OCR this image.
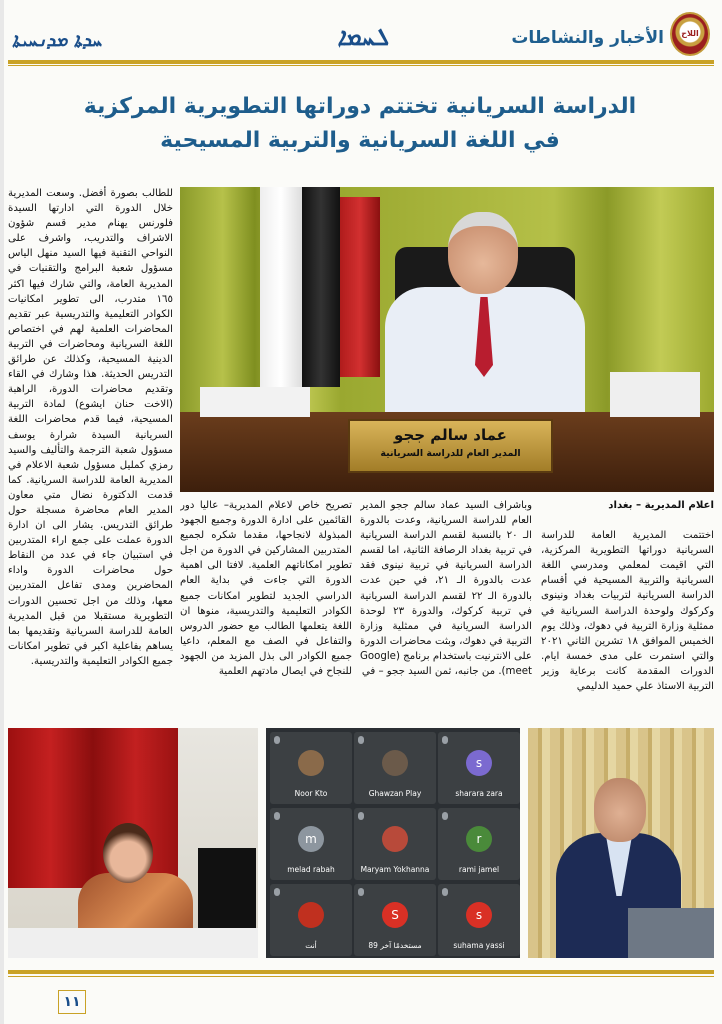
اللاح
الأخبار والنشاطات
ܠܚܡܐ
ܚܕܬܐ ܡܕܢܚܝܬܐ
الدراسة السريانية تختتم دوراتها التطويرية المركزية
في اللغة السريانية والتربية المسيحية

للطالب بصورة أفضل. وسعت المديرية خلال الدورة التي ادارتها السيدة فلورنس يهنام مدير قسم شؤون الاشراف والتدريب، واشرف على النواحي التقنية فيها السيد منهل الياس مسؤول شعبة البرامج والتقنيات في المديرية العامة، والتي شارك فيها اكثر ١٦٥ متدرب، الى تطوير امكانيات الكوادر التعليمية والتدريسية عبر تقديم المحاضرات العلمية لهم في اختصاص اللغة السريانية ومحاضرات في التربية الدينية المسيحية، وكذلك عن طرائق التدريس الحديثة. هذا وشارك في القاء وتقديم محاضرات الدورة، الراهبة (الاخت حنان ايشوع) لمادة التربية المسيحية، فيما قدم محاضرات اللغة السريانية السيدة شرارة يوسف مسؤول شعبة الترجمة والتأليف والسيد رمزي كمليل مسؤول شعبة الاعلام في المديرية العامة للدراسة السريانية. كما قدمت الدكتورة نضال متي معاون المدير العام محاضرة مسجلة حول طرائق التدريس. يشار الى ان ادارة الدورة عملت على جمع اراء المتدربين في استبيان جاء في عدد من النقاط حول محاضرات الدورة واداء المحاضرين ومدى تفاعل المتدربين معها، وذلك من اجل تحسين الدورات التطويرية مستقبلا من قبل المديرية العامة للدراسة السريانية وتقديمها بما يساهم بفاعلية اكبر في تطوير امكانات جميع الكوادر التعليمية والتدريسية.

عماد سالم ججو
المدير العام للدراسة السريانية

اعلام المديرية – بغداد

اختتمت المديرية العامة للدراسة السريانية دوراتها التطويرية المركزية، التي اقيمت لمعلمي ومدرسي اللغة السريانية والتربية المسيحية في أقسام الدراسة السريانية لتربيات بغداد ونينوى وكركوك ولوحدة الدراسة السريانية في ممثلية وزارة التربية في دهوك، وذلك يوم الخميس الموافق ١٨ تشرين الثاني ٢٠٢١ والتي استمرت على مدى خمسة ايام. الدورات المقدمة كانت برعاية وزير التربية الاستاذ علي حميد الدليمي

وباشراف السيد عماد سالم ججو المدير العام للدراسة السريانية، وعدت بالدورة الـ ٢٠ بالنسبة لقسم الدراسة السريانية في تربية بغداد الرصافة الثانية، اما لقسم الدراسة السريانية في تربية نينوى فقد عدت بالدورة الـ ٢١، في حين عدت بالدورة الـ ٢٢ لقسم الدراسة السريانية في تربية كركوك، والدورة ٢٣ لوحدة الدراسة السريانية في ممثلية وزارة التربية في دهوك، وبثت محاضرات الدورة على الانترنيت باستخدام برنامج (Google meet). من جانبه، ثمن السيد ججو – في

تصريح خاص لاعلام المديرية– عاليا دور القائمين على ادارة الدورة وجميع الجهود المبذولة لانجاحها، مقدما شكره لجميع المتدربين المشاركين في الدورة من اجل تطوير امكاناتهم العلمية. لافتا الى اهمية الدورة التي جاءت في بداية العام الدراسي الجديد لتطوير امكانات جميع الكوادر التعليمية والتدريسية، منوها ان اللغة يتعلمها الطالب مع حضور الدروس والتفاعل في الصف مع المعلم، داعيا جميع الكوادر الى بذل المزيد من الجهود للنجاح في ايصال مادتهم العلمية

Noor Kto	Ghawzan Play
s
sharara zara
m
melad rabah	Maryam Yokhanna
r
rami jamel
أنت
S
89 مستخدمًا آخر
s
suhama yassi
١١
